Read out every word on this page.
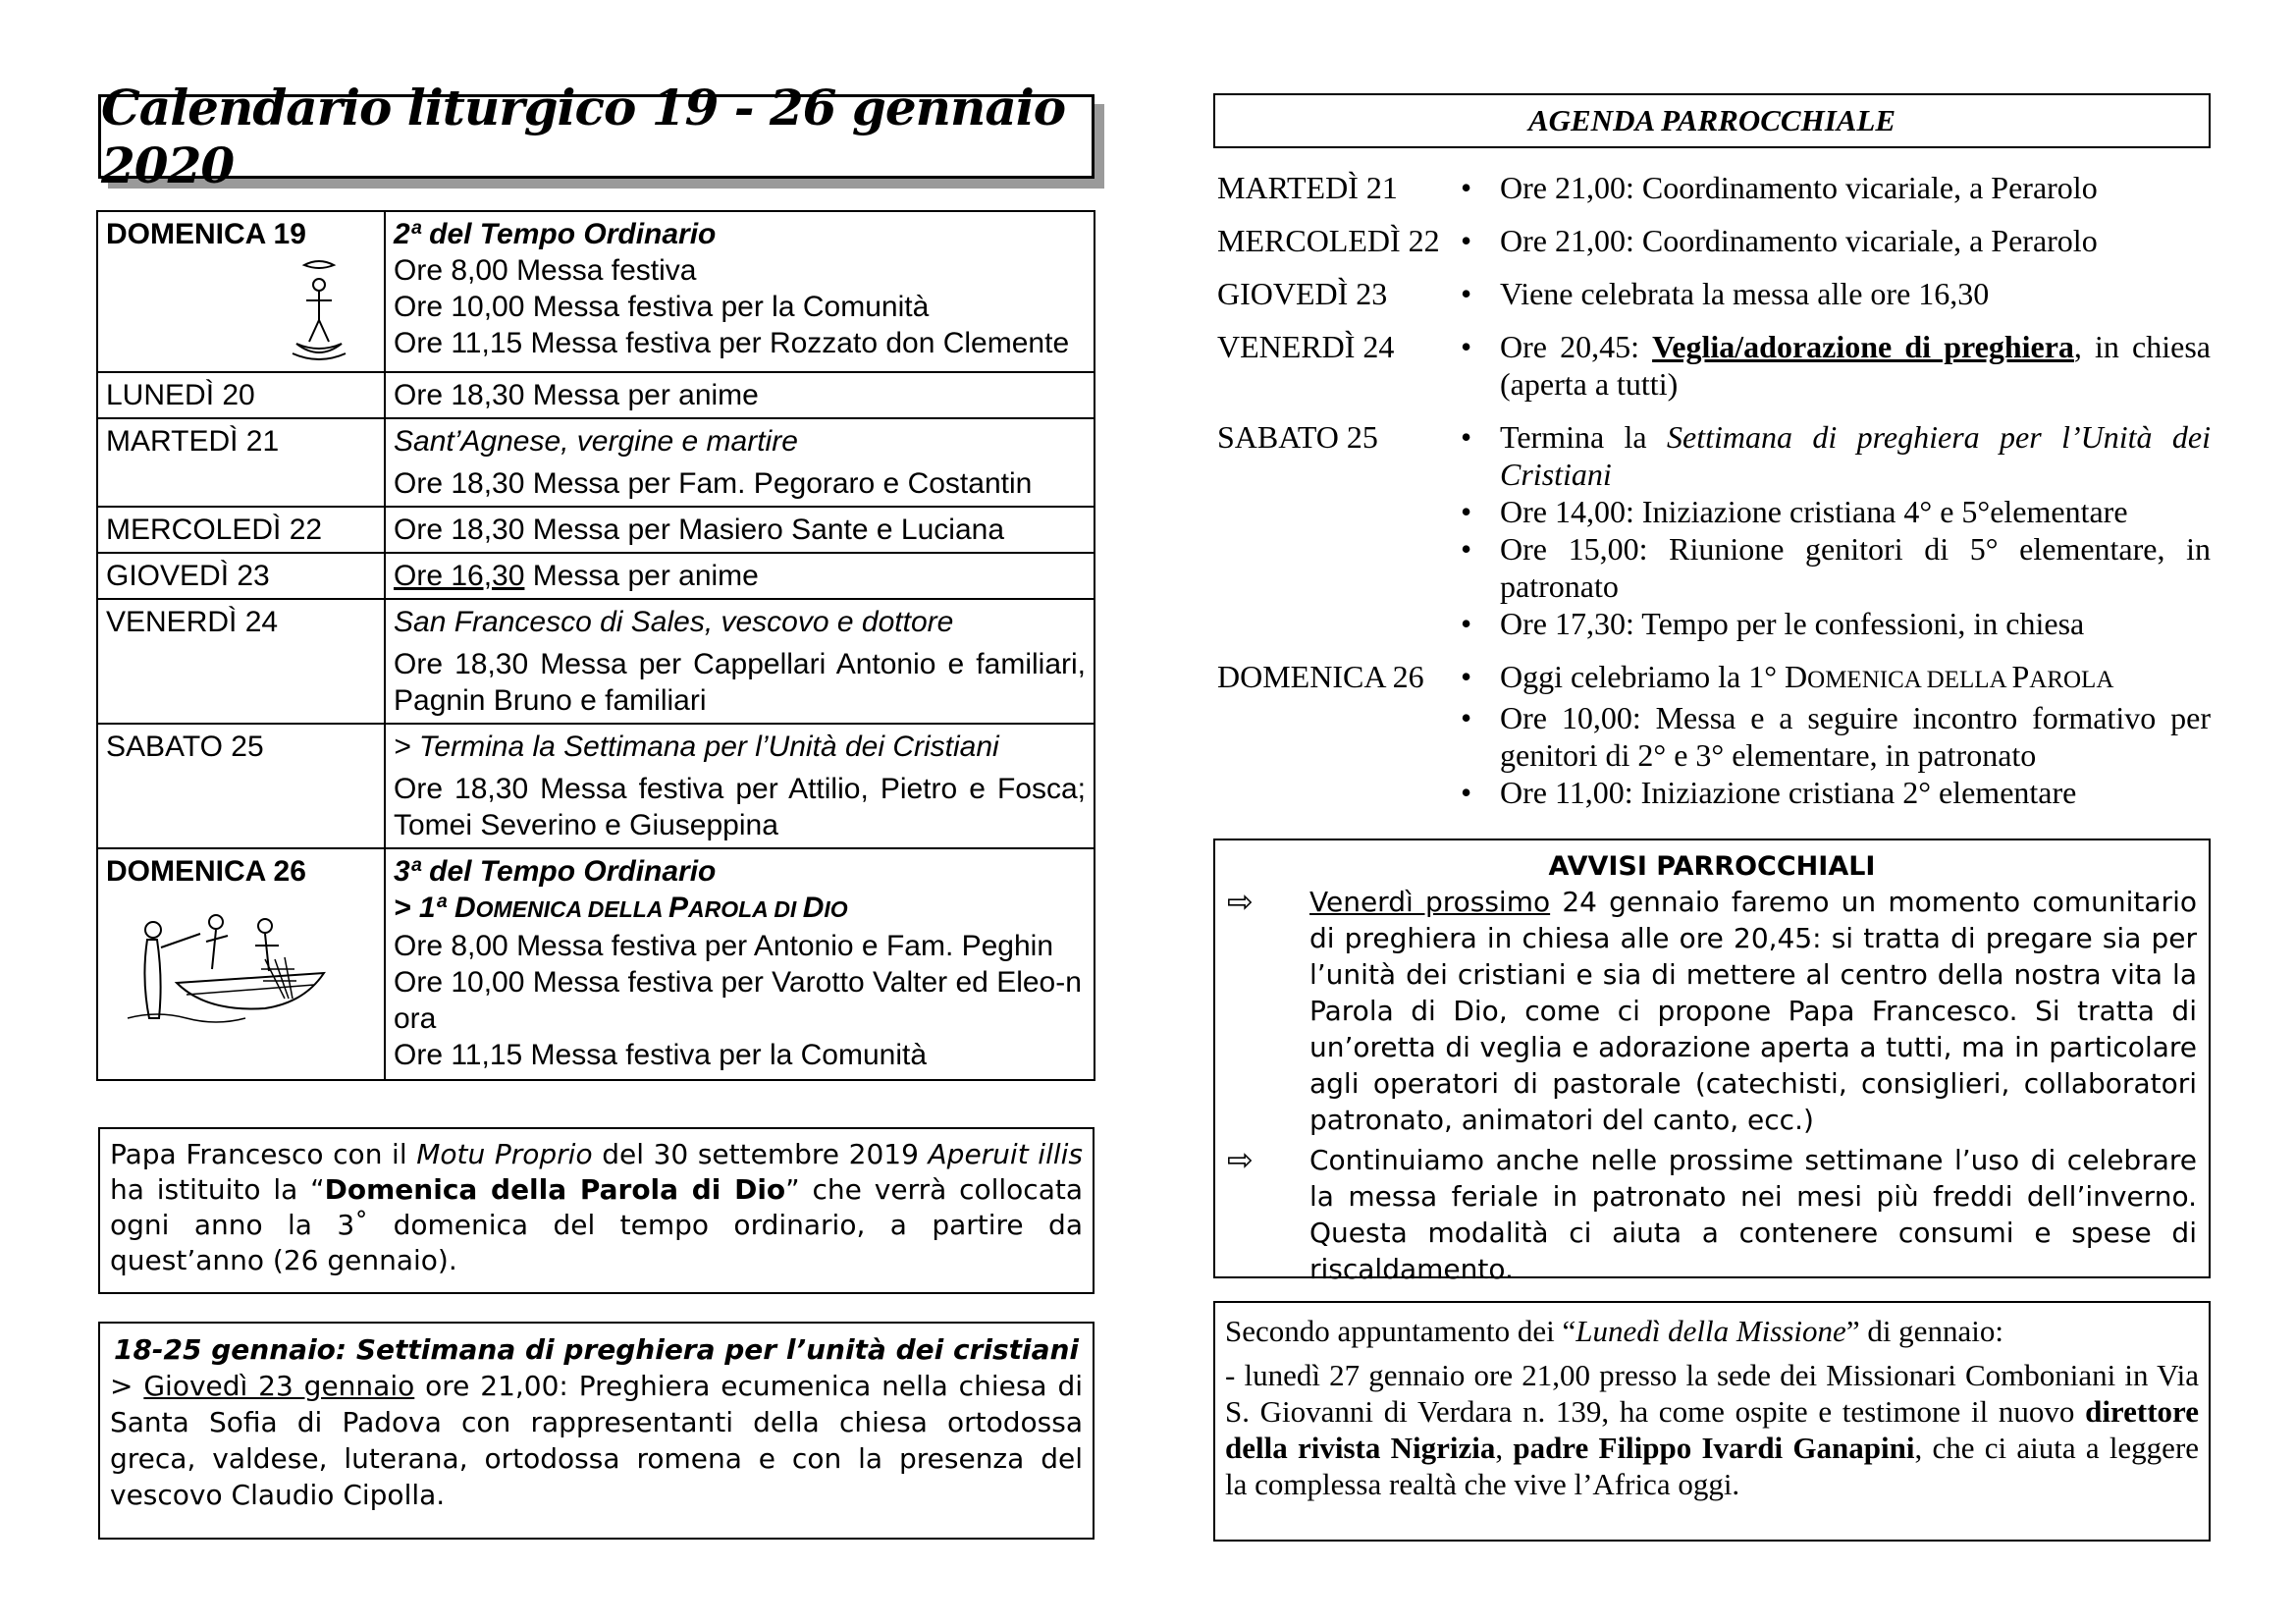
Calendario liturgico 19 - 26 gennaio 2020
DOMENICA 19	2ª del Tempo Ordinario
Ore 8,00 Messa festiva
Ore 10,00 Messa festiva per la Comunità
Ore 11,15 Messa festiva per Rozzato don Clemente

LUNEDÌ 20	Ore 18,30 Messa per anime
MARTEDÌ 21	Sant’Agnese, vergine e martire
Ore 18,30 Messa per Fam. Pegoraro e Costantin

MERCOLEDÌ 22	Ore 18,30 Messa per Masiero Sante e Luciana
GIOVEDÌ 23	Ore 16,30 Messa per anime
VENERDÌ 24	San Francesco di Sales, vescovo e dottore
Ore 18,30 Messa per Cappellari Antonio e familiari, Pagnin Bruno e familiari

SABATO 25	> Termina la Settimana per l’Unità dei Cristiani
Ore 18,30 Messa festiva per Attilio, Pietro e Fosca; Tomei Severino e Giuseppina

DOMENICA 26	3ª del Tempo Ordinario
> 1ª DOMENICA DELLA PAROLA DI DIO
Ore 8,00 Messa festiva per Antonio e Fam. Peghin
Ore 10,00 Messa festiva per Varotto Valter ed Eleo-nora
Ore 11,15 Messa festiva per la Comunità
Papa Francesco con il Motu Proprio del 30 settembre 2019 Aperuit illis ha istituito la “Domenica della Parola di Dio” che verrà collocata ogni anno la 3˚ domenica del tempo ordinario, a partire da quest’anno (26 gennaio).
18-25 gennaio: Settimana di preghiera per l’unità dei cristiani
> Giovedì 23 gennaio ore 21,00: Preghiera ecumenica nella chiesa di Santa Sofia di Padova con rappresentanti della chiesa ortodossa greca, valdese, luterana, ortodossa romena e con la presenza del vescovo Claudio Cipolla.
AGENDA PARROCCHIALE
MARTEDÌ 21	• Ore 21,00: Coordinamento vicariale, a Perarolo
MERCOLEDÌ 22 • Ore 21,00: Coordinamento vicariale, a Perarolo
GIOVEDÌ 23	• Viene celebrata la messa alle ore 16,30
VENERDÌ 24	• Ore 20,45: Veglia/adorazione di preghiera, in chiesa (aperta a tutti)
SABATO 25	• Termina la Settimana di preghiera per l’Unità dei Cristiani
• Ore 14,00: Iniziazione cristiana 4° e 5°elementare
• Ore 15,00: Riunione genitori di 5° elementare, in patronato
• Ore 17,30: Tempo per le confessioni, in chiesa
DOMENICA 26	• Oggi celebriamo la 1° DOMENICA DELLA PAROLA
• Ore 10,00: Messa e a seguire incontro formativo per genitori di 2° e 3° elementare, in patronato
• Ore 11,00: Iniziazione cristiana 2° elementare
AVVISI PARROCCHIALI
⇨	Venerdì prossimo 24 gennaio faremo un momento comunitario di preghiera in chiesa alle ore 20,45: si tratta di pregare sia per l’unità dei cristiani e sia di mettere al centro della nostra vita la Parola di Dio, come ci propone Papa Francesco. Si tratta di un’oretta di veglia e adorazione aperta a tutti, ma in particolare agli operatori di pastorale (catechisti, consiglieri, collaboratori patronato, animatori del canto, ecc.)
⇨	Continuiamo anche nelle prossime settimane l’uso di celebrare la messa feriale in patronato nei mesi più freddi dell’inverno. Questa modalità ci aiuta a contenere consumi e spese di riscaldamento.

Secondo appuntamento dei “Lunedì della Missione” di gennaio:

- lunedì 27 gennaio ore 21,00 presso la sede dei Missionari Comboniani in Via S. Giovanni di Verdara n. 139, ha come ospite e testimone il nuovo direttore della rivista Nigrizia, padre Filippo Ivardi Ganapini, che ci aiuta a leggere la complessa realtà che vive l’Africa oggi.
